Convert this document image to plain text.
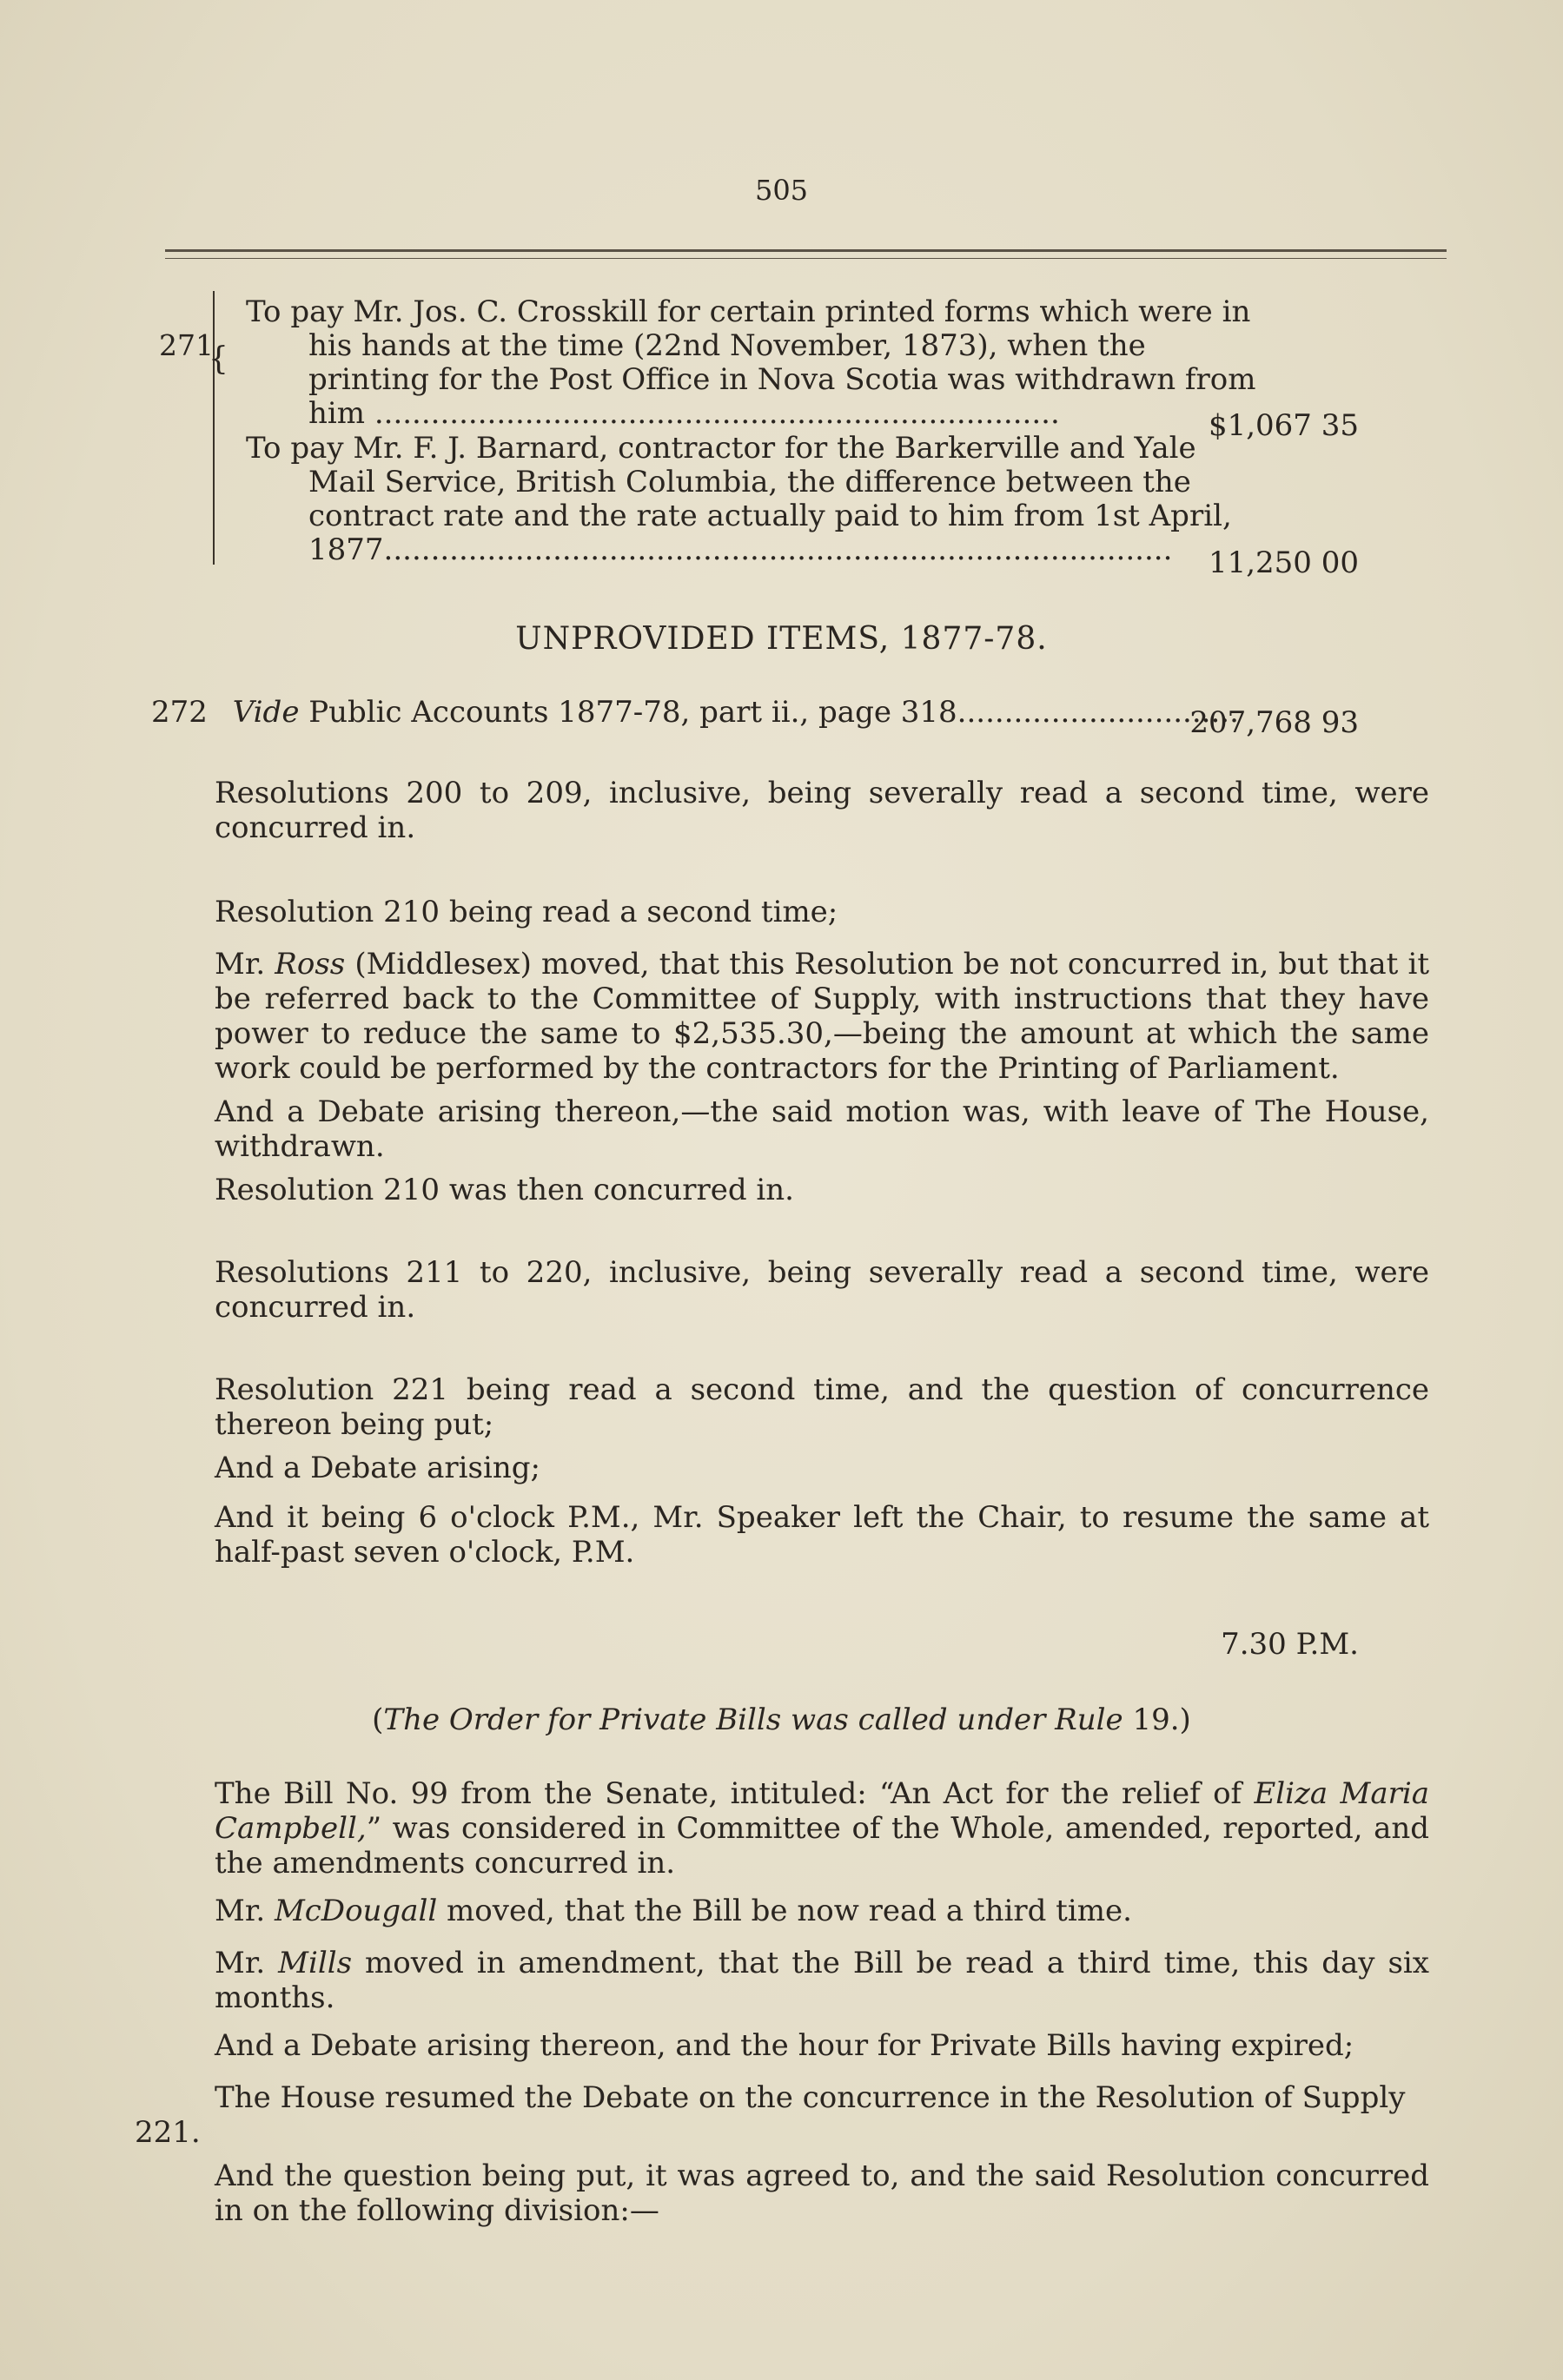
505
271
{
To pay Mr. Jos. C. Crosskill for certain printed forms which were in his hands at the time (22nd November, 1873), when the printing for the Post Office in Nova Scotia was withdrawn from him .........................................................................	$1,067 35
To pay Mr. F. J. Barnard, contractor for the Barkerville and Yale Mail Service, British Columbia, the difference between the contract rate and the rate actually paid to him from 1st April, 1877....................................................................................	11,250 00
UNPROVIDED ITEMS, 1877-78.
272 Vide Public Accounts 1877-78, part ii., page 318..............................
207,768 93
Resolutions 200 to 209, inclusive, being severally read a second time, were concurred in.
Resolution 210 being read a second time;
Mr. Ross (Middlesex) moved, that this Resolution be not concurred in, but that it be referred back to the Committee of Supply, with instructions that they have power to reduce the same to $2,535.30,—being the amount at which the same work could be performed by the contractors for the Printing of Parliament.
And a Debate arising thereon,—the said motion was, with leave of The House, withdrawn.
Resolution 210 was then concurred in.
Resolutions 211 to 220, inclusive, being severally read a second time, were concurred in.
Resolution 221 being read a second time, and the question of concurrence thereon being put;
And a Debate arising;
And it being 6 o'clock P.M., Mr. Speaker left the Chair, to resume the same at half-past seven o'clock, P.M.
7.30 P.M.
(The Order for Private Bills was called under Rule 19.)
The Bill No. 99 from the Senate, intituled: “An Act for the relief of Eliza Maria Campbell,” was considered in Committee of the Whole, amended, reported, and the amendments concurred in.
Mr. McDougall moved, that the Bill be now read a third time.
Mr. Mills moved in amendment, that the Bill be read a third time, this day six months.
And a Debate arising thereon, and the hour for Private Bills having expired;
The House resumed the Debate on the concurrence in the Resolution of Supply
221.
And the question being put, it was agreed to, and the said Resolution concurred in on the following division:—
